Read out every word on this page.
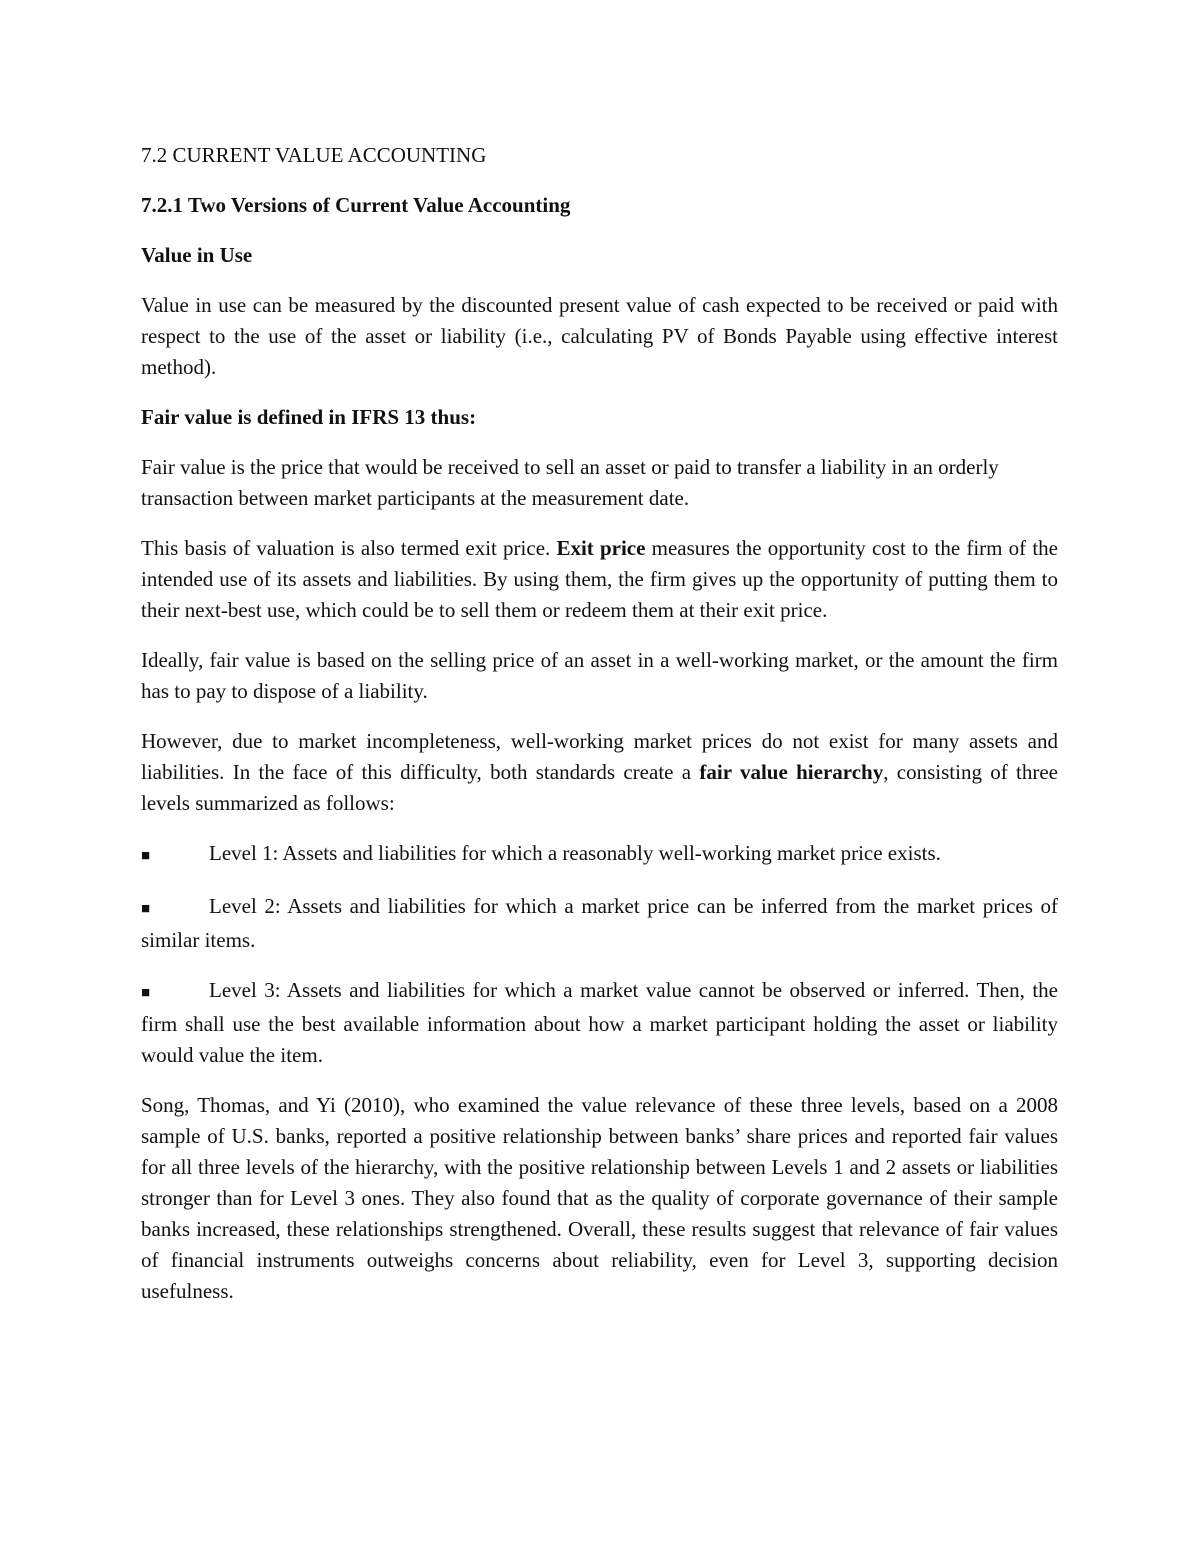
7.2 CURRENT VALUE ACCOUNTING
7.2.1 Two Versions of Current Value Accounting
Value in Use

Value in use can be measured by the discounted present value of cash expected to be received or paid with respect to the use of the asset or liability (i.e., calculating PV of Bonds Payable using effective interest method).

Fair value is defined in IFRS 13 thus:

Fair value is the price that would be received to sell an asset or paid to transfer a liability in an orderly transaction between market participants at the measurement date.

This basis of valuation is also termed exit price. Exit price measures the opportunity cost to the firm of the intended use of its assets and liabilities. By using them, the firm gives up the opportunity of putting them to their next-best use, which could be to sell them or redeem them at their exit price.

Ideally, fair value is based on the selling price of an asset in a well-working market, or the amount the firm has to pay to dispose of a liability.

However, due to market incompleteness, well-working market prices do not exist for many assets and liabilities. In the face of this difficulty, both standards create a fair value hierarchy, consisting of three levels summarized as follows:

■	Level 1: Assets and liabilities for which a reasonably well-working market price exists.

■	Level 2: Assets and liabilities for which a market price can be inferred from the market prices of similar items.

■	Level 3: Assets and liabilities for which a market value cannot be observed or inferred. Then, the firm shall use the best available information about how a market participant holding the asset or liability would value the item.

Song, Thomas, and Yi (2010), who examined the value relevance of these three levels, based on a 2008 sample of U.S. banks, reported a positive relationship between banks’ share prices and reported fair values for all three levels of the hierarchy, with the positive relationship between Levels 1 and 2 assets or liabilities stronger than for Level 3 ones. They also found that as the quality of corporate governance of their sample banks increased, these relationships strengthened. Overall, these results suggest that relevance of fair values of financial instruments outweighs concerns about reliability, even for Level 3, supporting decision usefulness.
